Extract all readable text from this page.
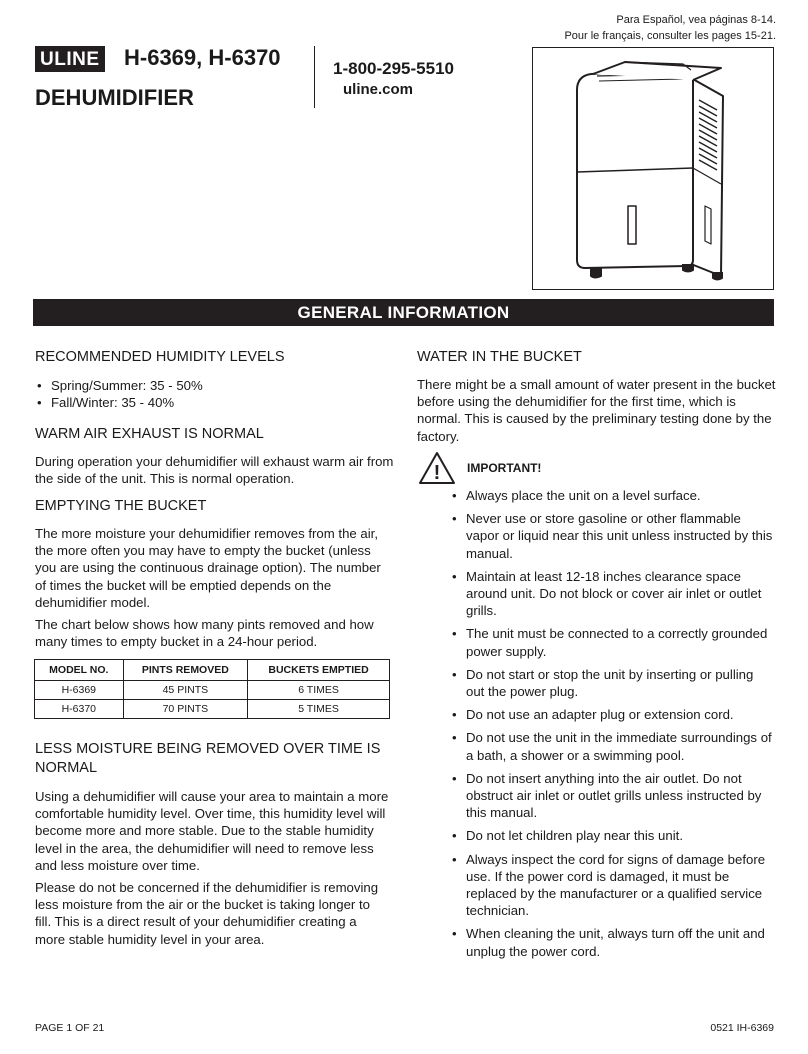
Para Español, vea páginas 8-14.
Pour le français, consulter les pages 15-21.
ULINE H-6369, H-6370
DEHUMIDIFIER
1-800-295-5510
uline.com
GENERAL INFORMATION
RECOMMENDED HUMIDITY LEVELS
• Spring/Summer: 35 - 50%
• Fall/Winter: 35 - 40%
WARM AIR EXHAUST IS NORMAL

During operation your dehumidifier will exhaust warm air from the side of the unit. This is normal operation.

EMPTYING THE BUCKET

The more moisture your dehumidifier removes from the air, the more often you may have to empty the bucket (unless you are using the continuous drainage option). The number of times the bucket will be emptied depends on the dehumidifier model.

The chart below shows how many pints removed and how many times to empty bucket in a 24-hour period.

MODEL NO.	PINTS REMOVED	BUCKETS EMPTIED
H-6369	45 PINTS	6 TIMES
H-6370	70 PINTS	5 TIMES
LESS MOISTURE BEING REMOVED OVER TIME IS NORMAL

Using a dehumidifier will cause your area to maintain a more comfortable humidity level. Over time, this humidity level will become more and more stable. Due to the stable humidity level in the area, the dehumidifier will need to remove less and less moisture over time.

Please do not be concerned if the dehumidifier is removing less moisture from the air or the bucket is taking longer to fill. This is a direct result of your dehumidifier creating a more stable humidity level in your area.

WATER IN THE BUCKET

There might be a small amount of water present in the bucket before using the dehumidifier for the first time, which is normal. This is caused by the preliminary testing done by the factory.

! IMPORTANT!
• Always place the unit on a level surface.
• Never use or store gasoline or other flammable vapor or liquid near this unit unless instructed by this manual.
• Maintain at least 12-18 inches clearance space around unit. Do not block or cover air inlet or outlet grills.
• The unit must be connected to a correctly grounded power supply.
• Do not start or stop the unit by inserting or pulling out the power plug.
• Do not use an adapter plug or extension cord.
• Do not use the unit in the immediate surroundings of a bath, a shower or a swimming pool.
• Do not insert anything into the air outlet. Do not obstruct air inlet or outlet grills unless instructed by this manual.
• Do not let children play near this unit.
• Always inspect the cord for signs of damage before use. If the power cord is damaged, it must be replaced by the manufacturer or a qualified service technician.
• When cleaning the unit, always turn off the unit and unplug the power cord.
PAGE 1 OF 21	0521 IH-6369
